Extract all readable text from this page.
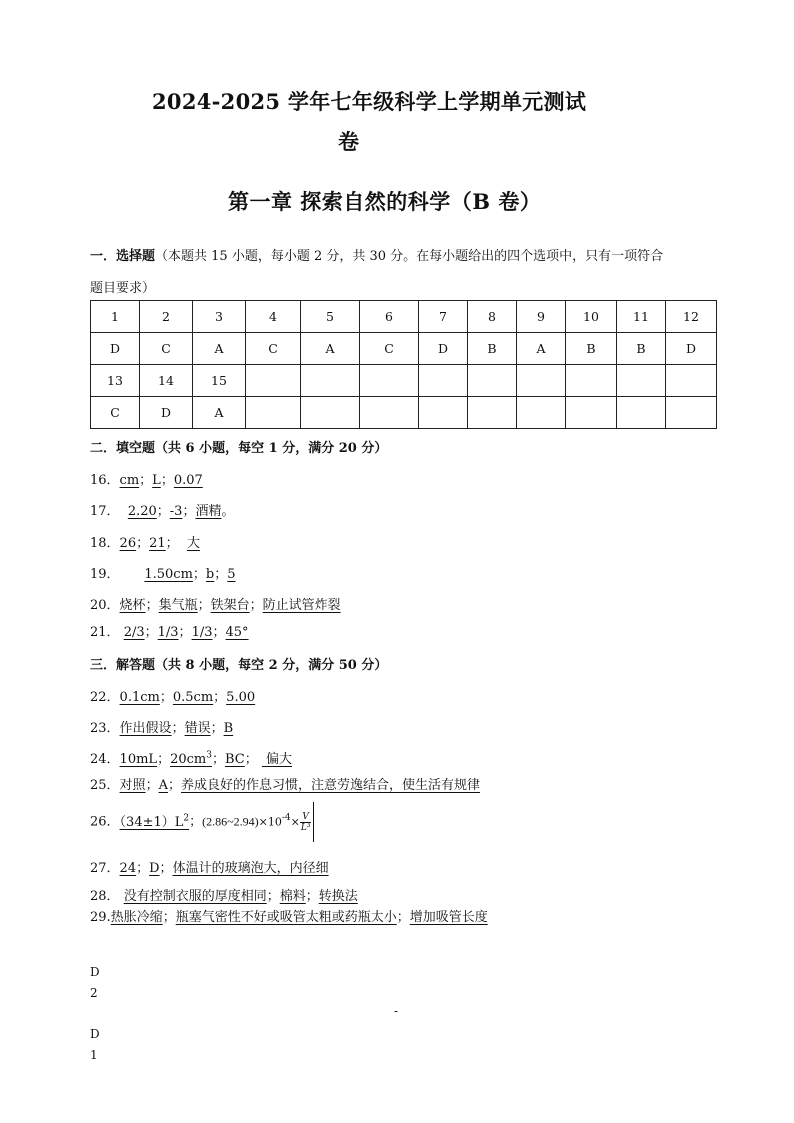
2024-2025 学年七年级科学上学期单元测试
卷
第一章 探索自然的科学（B 卷）
一．选择题（本题共 15 小题，每小题 2 分，共 30 分。在每小题给出的四个选项中，只有一项符合
题目要求）
1	2	3	4	5	6	7	8	9	10	11	12
D	C	A	C	A	C	D	B	A	B	B	D
13	14	15									
C	D	A									
二．填空题（共 6 小题，每空 1 分，满分 20 分）
16．cm；L；0.07
17． 2.20；-3；酒精。
18．26；21； 大
19． 1.50cm；b；5
20．烧杯；集气瓶；铁架台；防止试管炸裂
21． 2/3；1/3；1/3；45°
三．解答题（共 8 小题，每空 2 分，满分 50 分）
22．0.1cm；0.5cm；5.00
23．作出假设；错误；B
24．10mL；$20cm^3$；BC； 偏大
25．对照；A；养成良好的作息习惯，注意劳逸结合，使生活有规律
26．$(34\pm 1)L^2$；$(2.86\sim 2.94)\times 10^{-4}\times \frac{V}{\text{L³}}$
27．24；D；体温计的玻璃泡大，内径细
28． 没有控制衣服的厚度相同；棉料；转换法
29.热胀冷缩；瓶塞气密性不好或吸管太粗或药瓶太小；增加吸管长度
D
2
-
D
1
